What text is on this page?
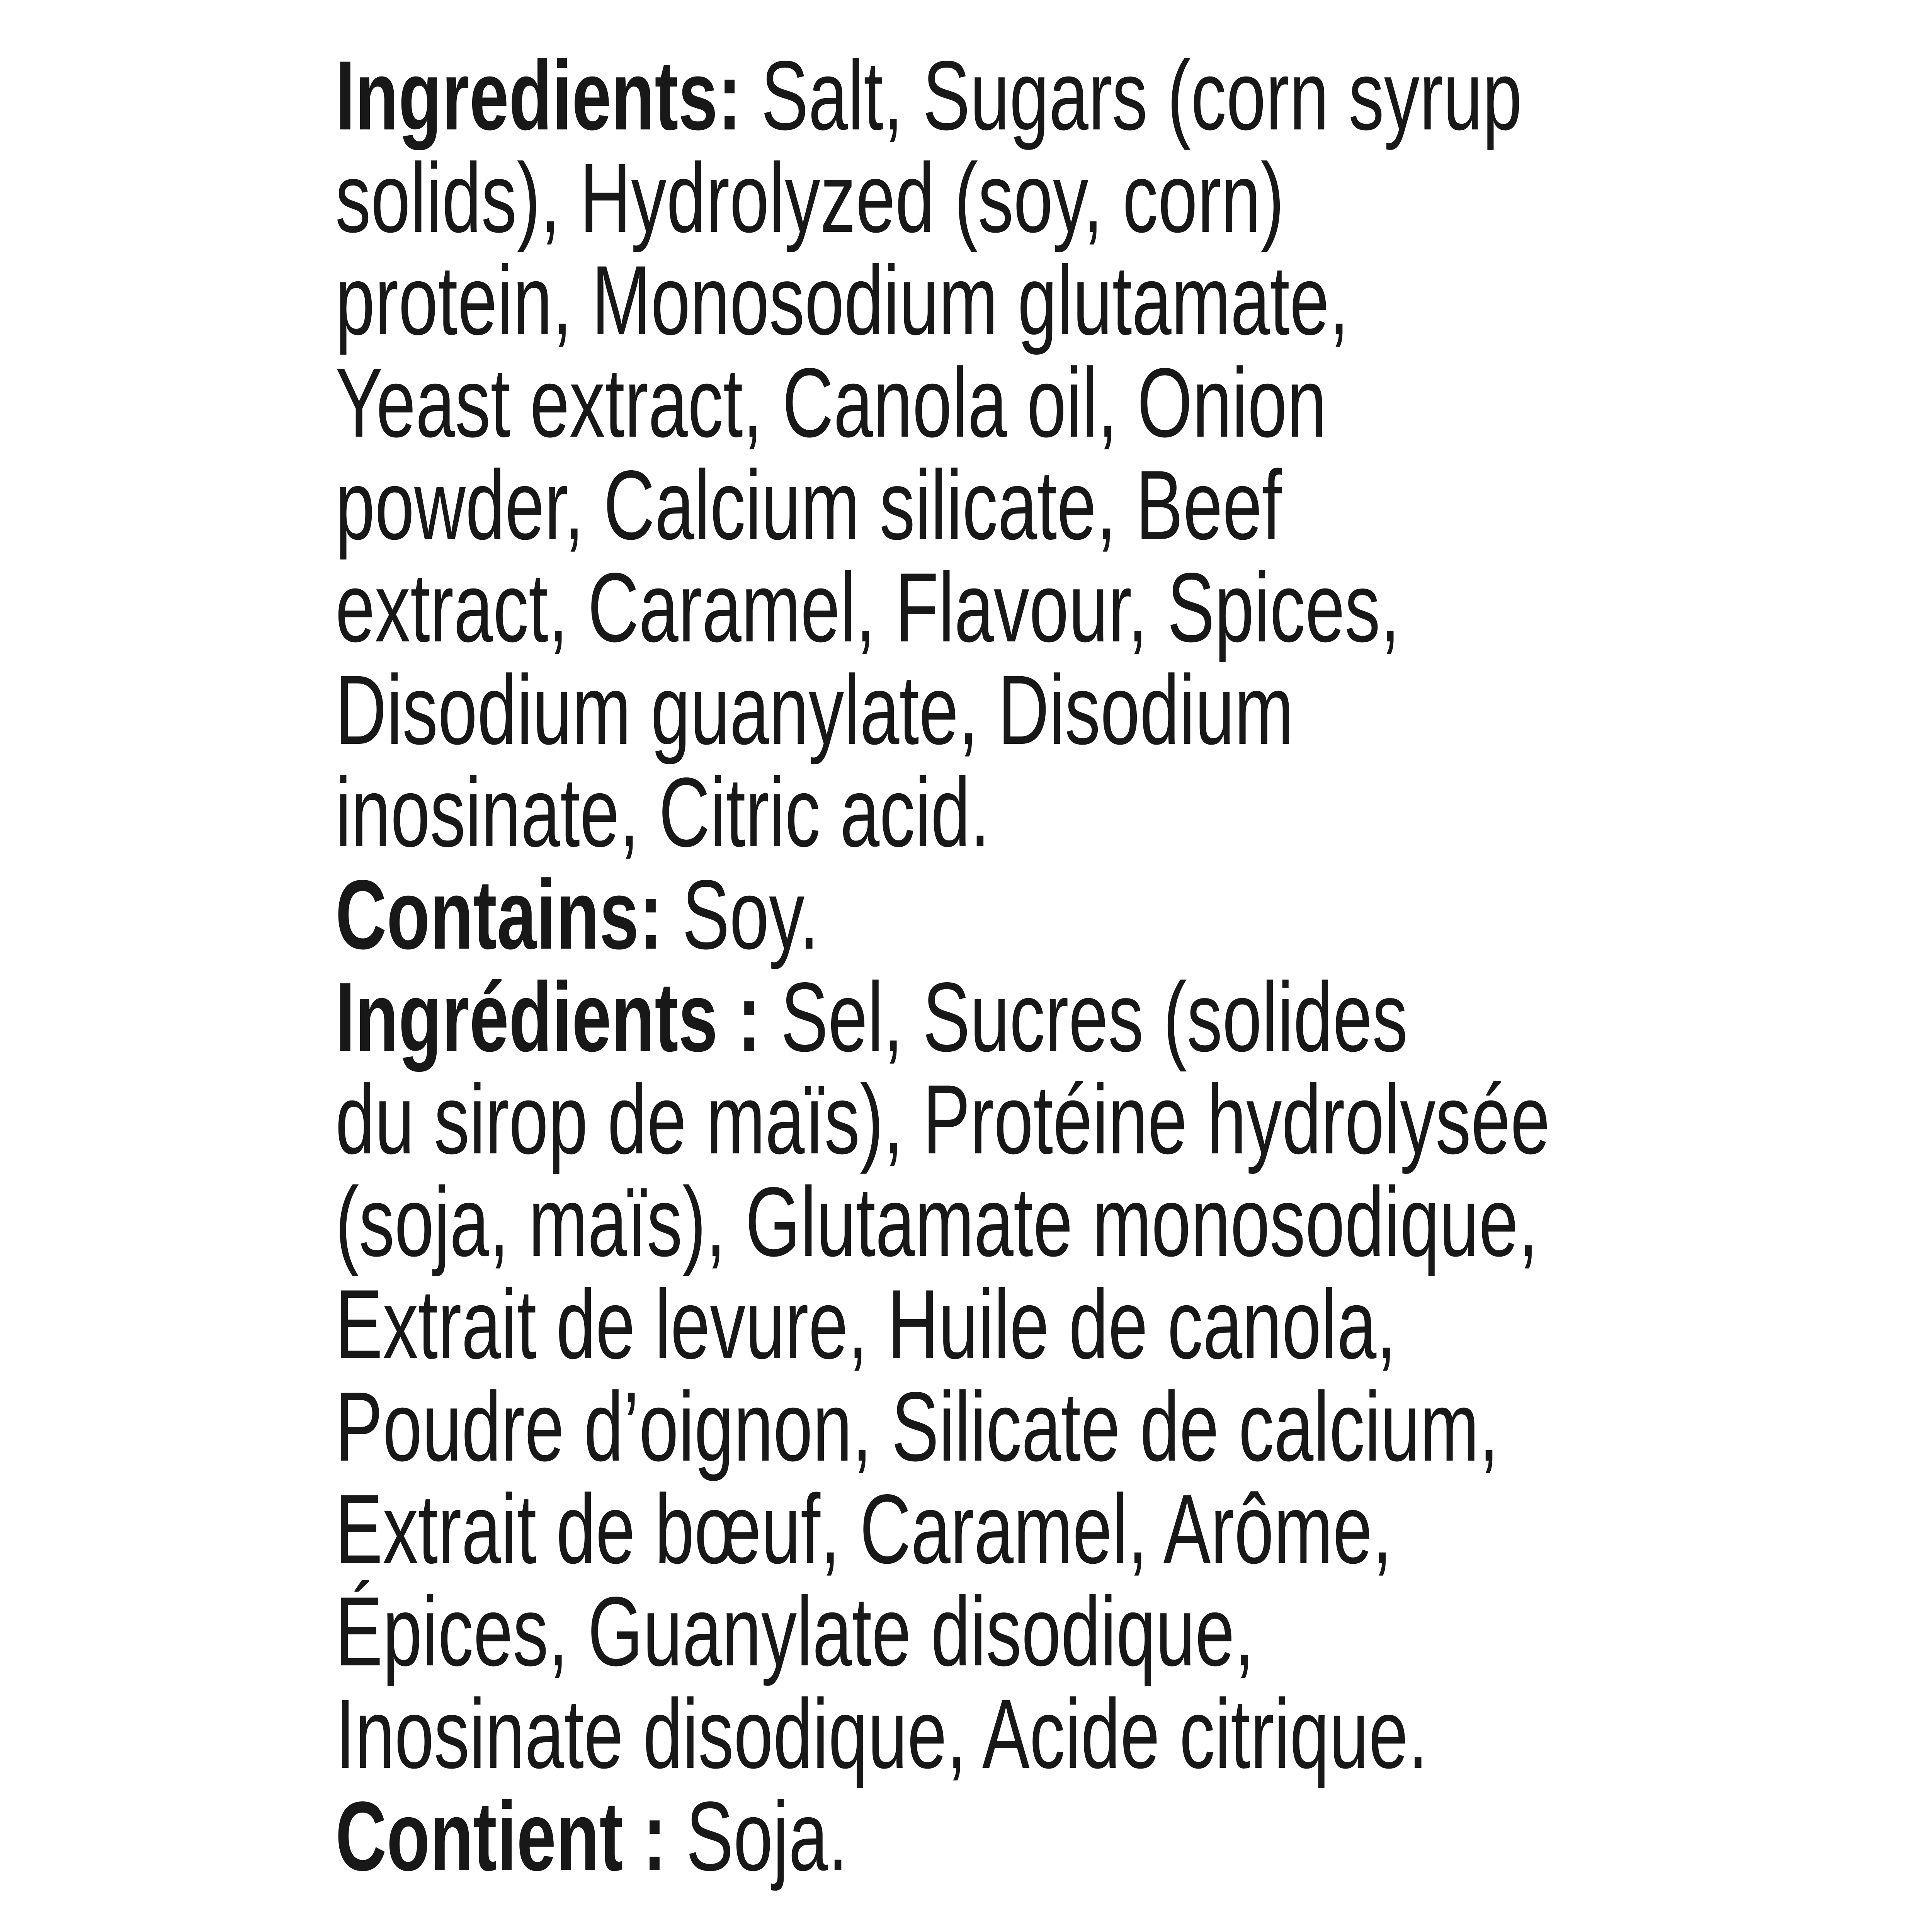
Ingredients: Salt, Sugars (corn syrup
solids), Hydrolyzed (soy, corn)
protein, Monosodium glutamate,
Yeast extract, Canola oil, Onion
powder, Calcium silicate, Beef
extract, Caramel, Flavour, Spices,
Disodium guanylate, Disodium
inosinate, Citric acid.
Contains: Soy.
Ingrédients : Sel, Sucres (solides
du sirop de maïs), Protéine hydrolysée
(soja, maïs), Glutamate monosodique,
Extrait de levure, Huile de canola,
Poudre d’oignon, Silicate de calcium,
Extrait de bœuf, Caramel, Arôme,
Épices, Guanylate disodique,
Inosinate disodique, Acide citrique.
Contient : Soja.
